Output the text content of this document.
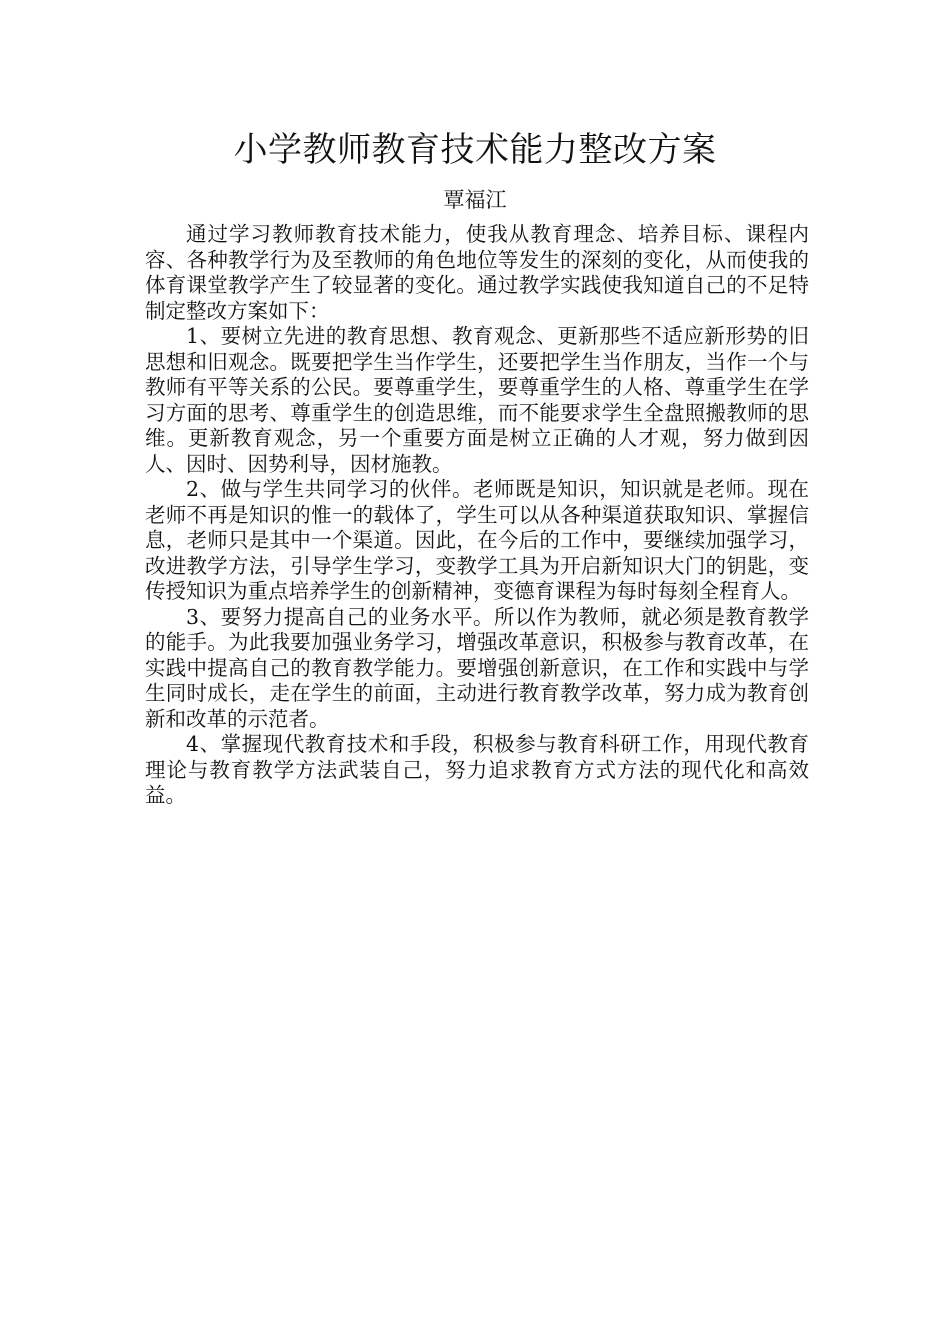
小学教师教育技术能力整改方案
覃福江

通过学习教师教育技术能力，使我从教育理念、培养目标、课程内容、各种教学行为及至教师的角色地位等发生的深刻的变化，从而使我的体育课堂教学产生了较显著的变化。通过教学实践使我知道自己的不足特制定整改方案如下：

1、要树立先进的教育思想、教育观念、更新那些不适应新形势的旧思想和旧观念。既要把学生当作学生，还要把学生当作朋友，当作一个与教师有平等关系的公民。要尊重学生，要尊重学生的人格、尊重学生在学习方面的思考、尊重学生的创造思维，而不能要求学生全盘照搬教师的思维。更新教育观念，另一个重要方面是树立正确的人才观，努力做到因人、因时、因势利导，因材施教。

2、做与学生共同学习的伙伴。老师既是知识，知识就是老师。现在老师不再是知识的惟一的载体了，学生可以从各种渠道获取知识、掌握信息，老师只是其中一个渠道。因此，在今后的工作中，要继续加强学习，改进教学方法，引导学生学习，变教学工具为开启新知识大门的钥匙，变传授知识为重点培养学生的创新精神，变德育课程为每时每刻全程育人。

3、要努力提高自己的业务水平。所以作为教师，就必须是教育教学的能手。为此我要加强业务学习，增强改革意识，积极参与教育改革，在实践中提高自己的教育教学能力。要增强创新意识，在工作和实践中与学生同时成长，走在学生的前面，主动进行教育教学改革，努力成为教育创新和改革的示范者。

4、掌握现代教育技术和手段，积极参与教育科研工作，用现代教育理论与教育教学方法武装自己，努力追求教育方式方法的现代化和高效益。
